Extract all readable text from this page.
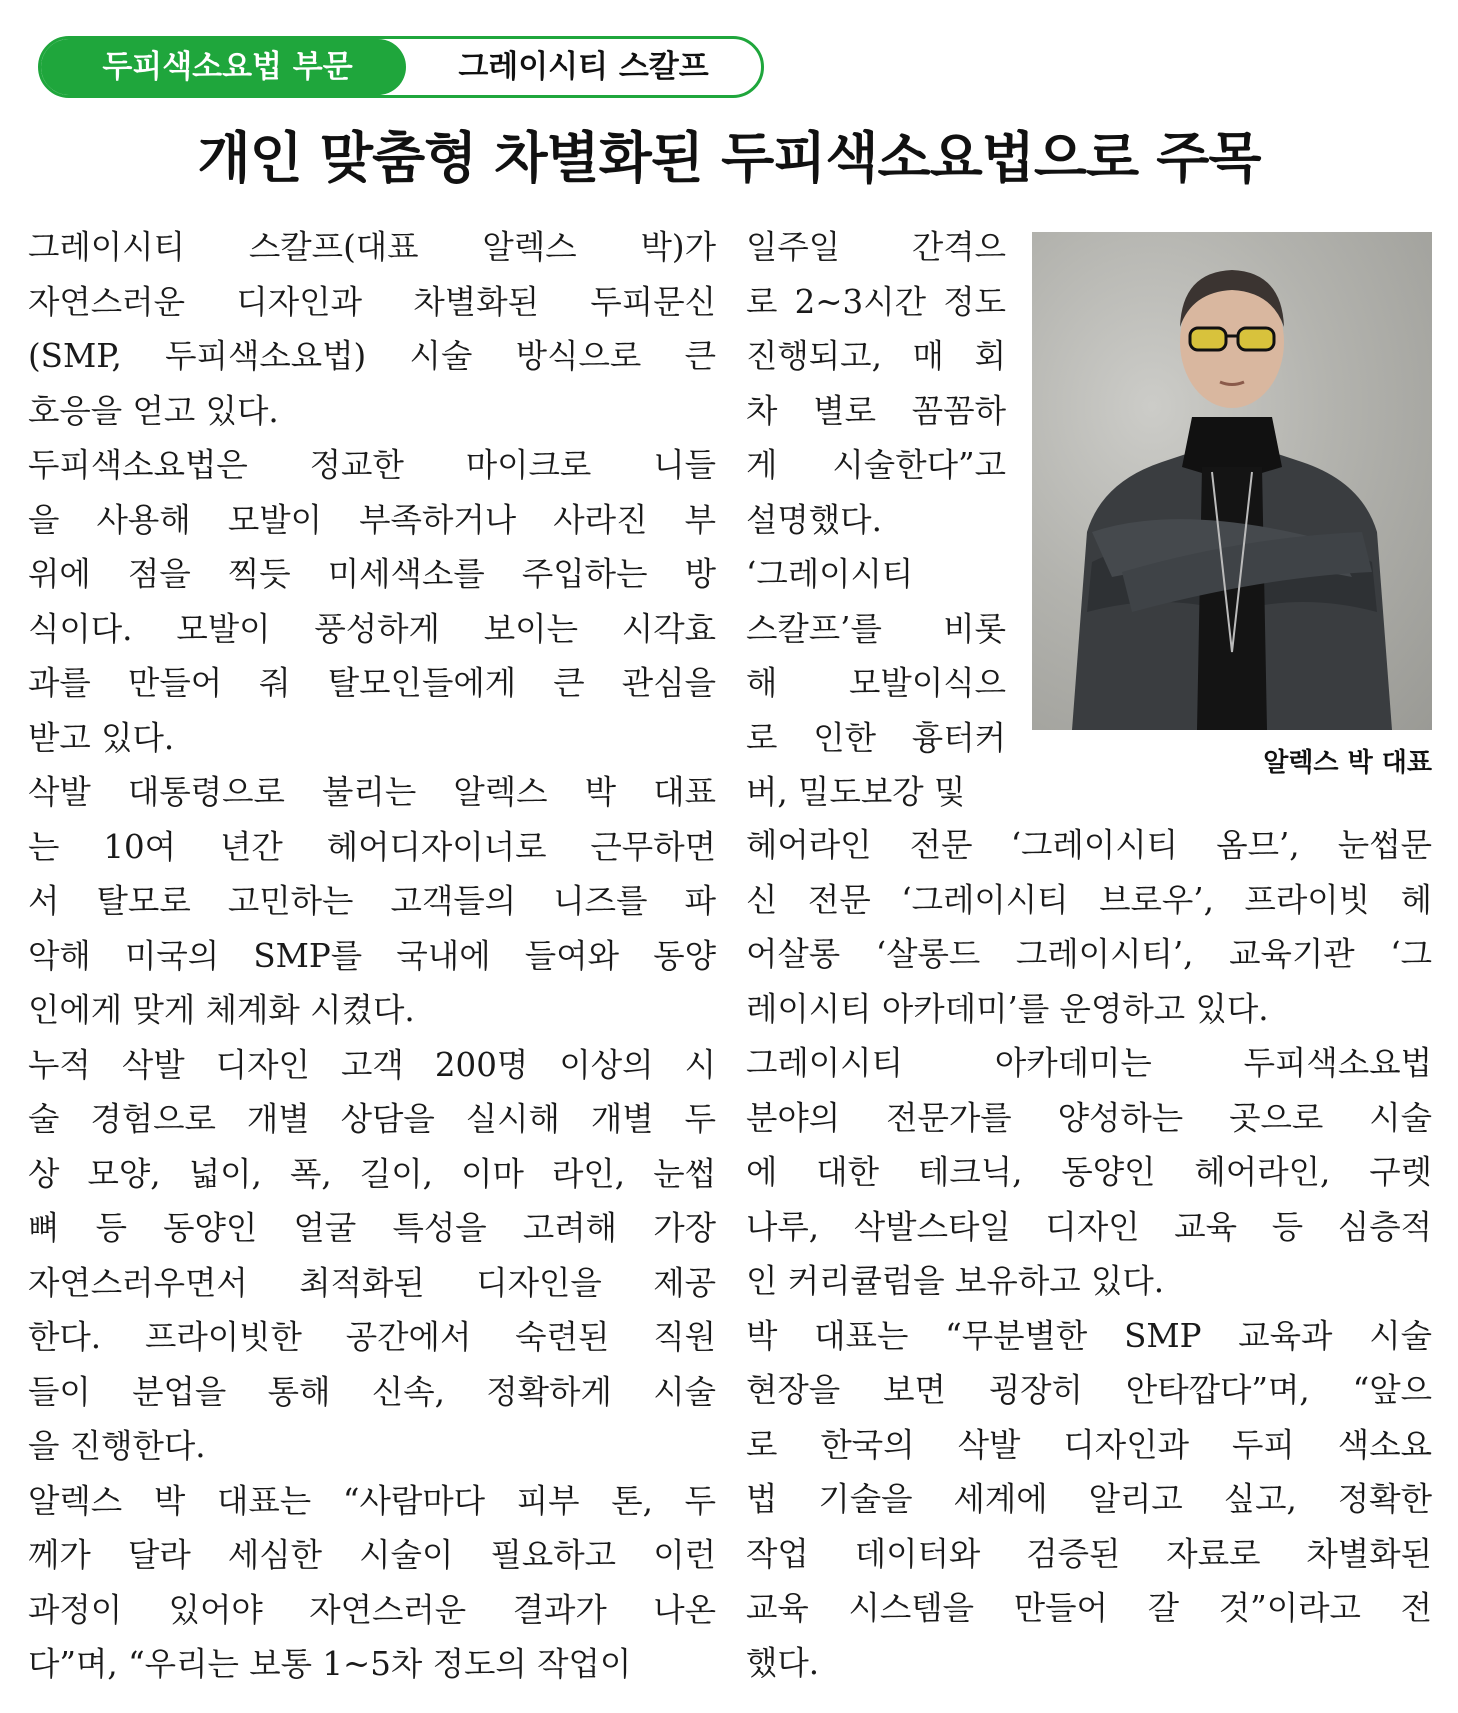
두피색소요법 부문	그레이시티 스칼프
개인 맞춤형 차별화된 두피색소요법으로 주목

그레이시티 스칼프(대표 알렉스 박)가

자연스러운 디자인과 차별화된 두피문신

(SMP, 두피색소요법) 시술 방식으로 큰

호응을 얻고 있다.

두피색소요법은 정교한 마이크로 니들

을 사용해 모발이 부족하거나 사라진 부

위에 점을 찍듯 미세색소를 주입하는 방

식이다. 모발이 풍성하게 보이는 시각효

과를 만들어 줘 탈모인들에게 큰 관심을

받고 있다.

삭발 대통령으로 불리는 알렉스 박 대표

는 10여 년간 헤어디자이너로 근무하면

서 탈모로 고민하는 고객들의 니즈를 파

악해 미국의 SMP를 국내에 들여와 동양

인에게 맞게 체계화 시켰다.

누적 삭발 디자인 고객 200명 이상의 시

술 경험으로 개별 상담을 실시해 개별 두

상 모양, 넓이, 폭, 길이, 이마 라인, 눈썹

뼈 등 동양인 얼굴 특성을 고려해 가장

자연스러우면서 최적화된 디자인을 제공

한다. 프라이빗한 공간에서 숙련된 직원

들이 분업을 통해 신속, 정확하게 시술

을 진행한다.

알렉스 박 대표는 “사람마다 피부 톤, 두

께가 달라 세심한 시술이 필요하고 이런

과정이 있어야 자연스러운 결과가 나온

다”며, “우리는 보통 1~5차 정도의 작업이

일주일 간격으

로 2~3시간 정도

진행되고, 매 회

차 별로 꼼꼼하

게 시술한다”고

설명했다.

‘그레이시티

스칼프’를 비롯

해 모발이식으

로 인한 흉터커

버, 밀도보강 및

헤어라인 전문 ‘그레이시티 옴므’, 눈썹문

신 전문 ‘그레이시티 브로우’, 프라이빗 헤

어살롱 ‘살롱드 그레이시티’, 교육기관 ‘그

레이시티 아카데미’를 운영하고 있다.

그레이시티 아카데미는 두피색소요법

분야의 전문가를 양성하는 곳으로 시술

에 대한 테크닉, 동양인 헤어라인, 구렛

나루, 삭발스타일 디자인 교육 등 심층적

인 커리큘럼을 보유하고 있다.

박 대표는 “무분별한 SMP 교육과 시술

현장을 보면 굉장히 안타깝다”며, “앞으

로 한국의 삭발 디자인과 두피 색소요

법 기술을 세계에 알리고 싶고, 정확한

작업 데이터와 검증된 자료로 차별화된

교육 시스템을 만들어 갈 것”이라고 전

했다.

알렉스 박 대표
